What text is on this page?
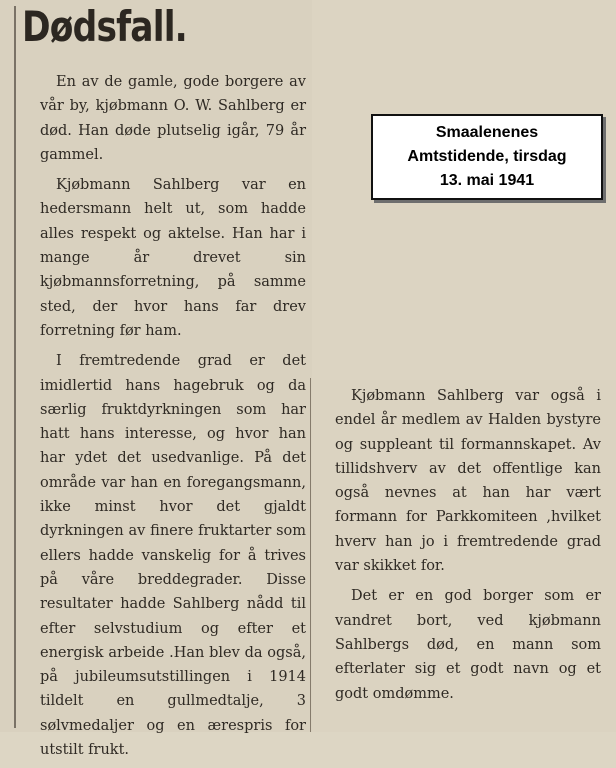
Dødsfall.

En av de gamle, gode borgere av vår by, kjøbmann O. W. Sahlberg er død. Han døde plutselig igår, 79 år gammel.

Kjøbmann Sahlberg var en hedersmann helt ut, som hadde alles respekt og aktelse. Han har i mange år drevet sin kjøbmannsforretning, på samme sted, der hvor hans far drev forretning før ham.

I fremtredende grad er det imidlertid hans hagebruk og da særlig fruktdyrkningen som har hatt hans interesse, og hvor han har ydet det usedvanlige. På det område var han en foregangsmann, ikke minst hvor det gjaldt dyrkningen av finere fruktarter som ellers hadde vanskelig for å trives på våre breddegrader. Disse resultater hadde Sahlberg nådd til efter selvstudium og efter et energisk arbeide .Han blev da også, på jubileumsutstillingen i 1914 tildelt en gullmedtalje, 3 sølvmedaljer og en ærespris for utstilt frukt.

Kjøbmann Sahlberg var også i endel år medlem av Halden bystyre og suppleant til formannskapet. Av tillidshverv av det offentlige kan også nevnes at han har vært formann for Parkkomiteen ,hvilket hverv han jo i fremtredende grad var skikket for.

Det er en god borger som er vandret bort, ved kjøbmann Sahlbergs død, en mann som efterlater sig et godt navn og et godt omdømme.

Smaalenenes
Amtstidende, tirsdag
13. mai 1941
